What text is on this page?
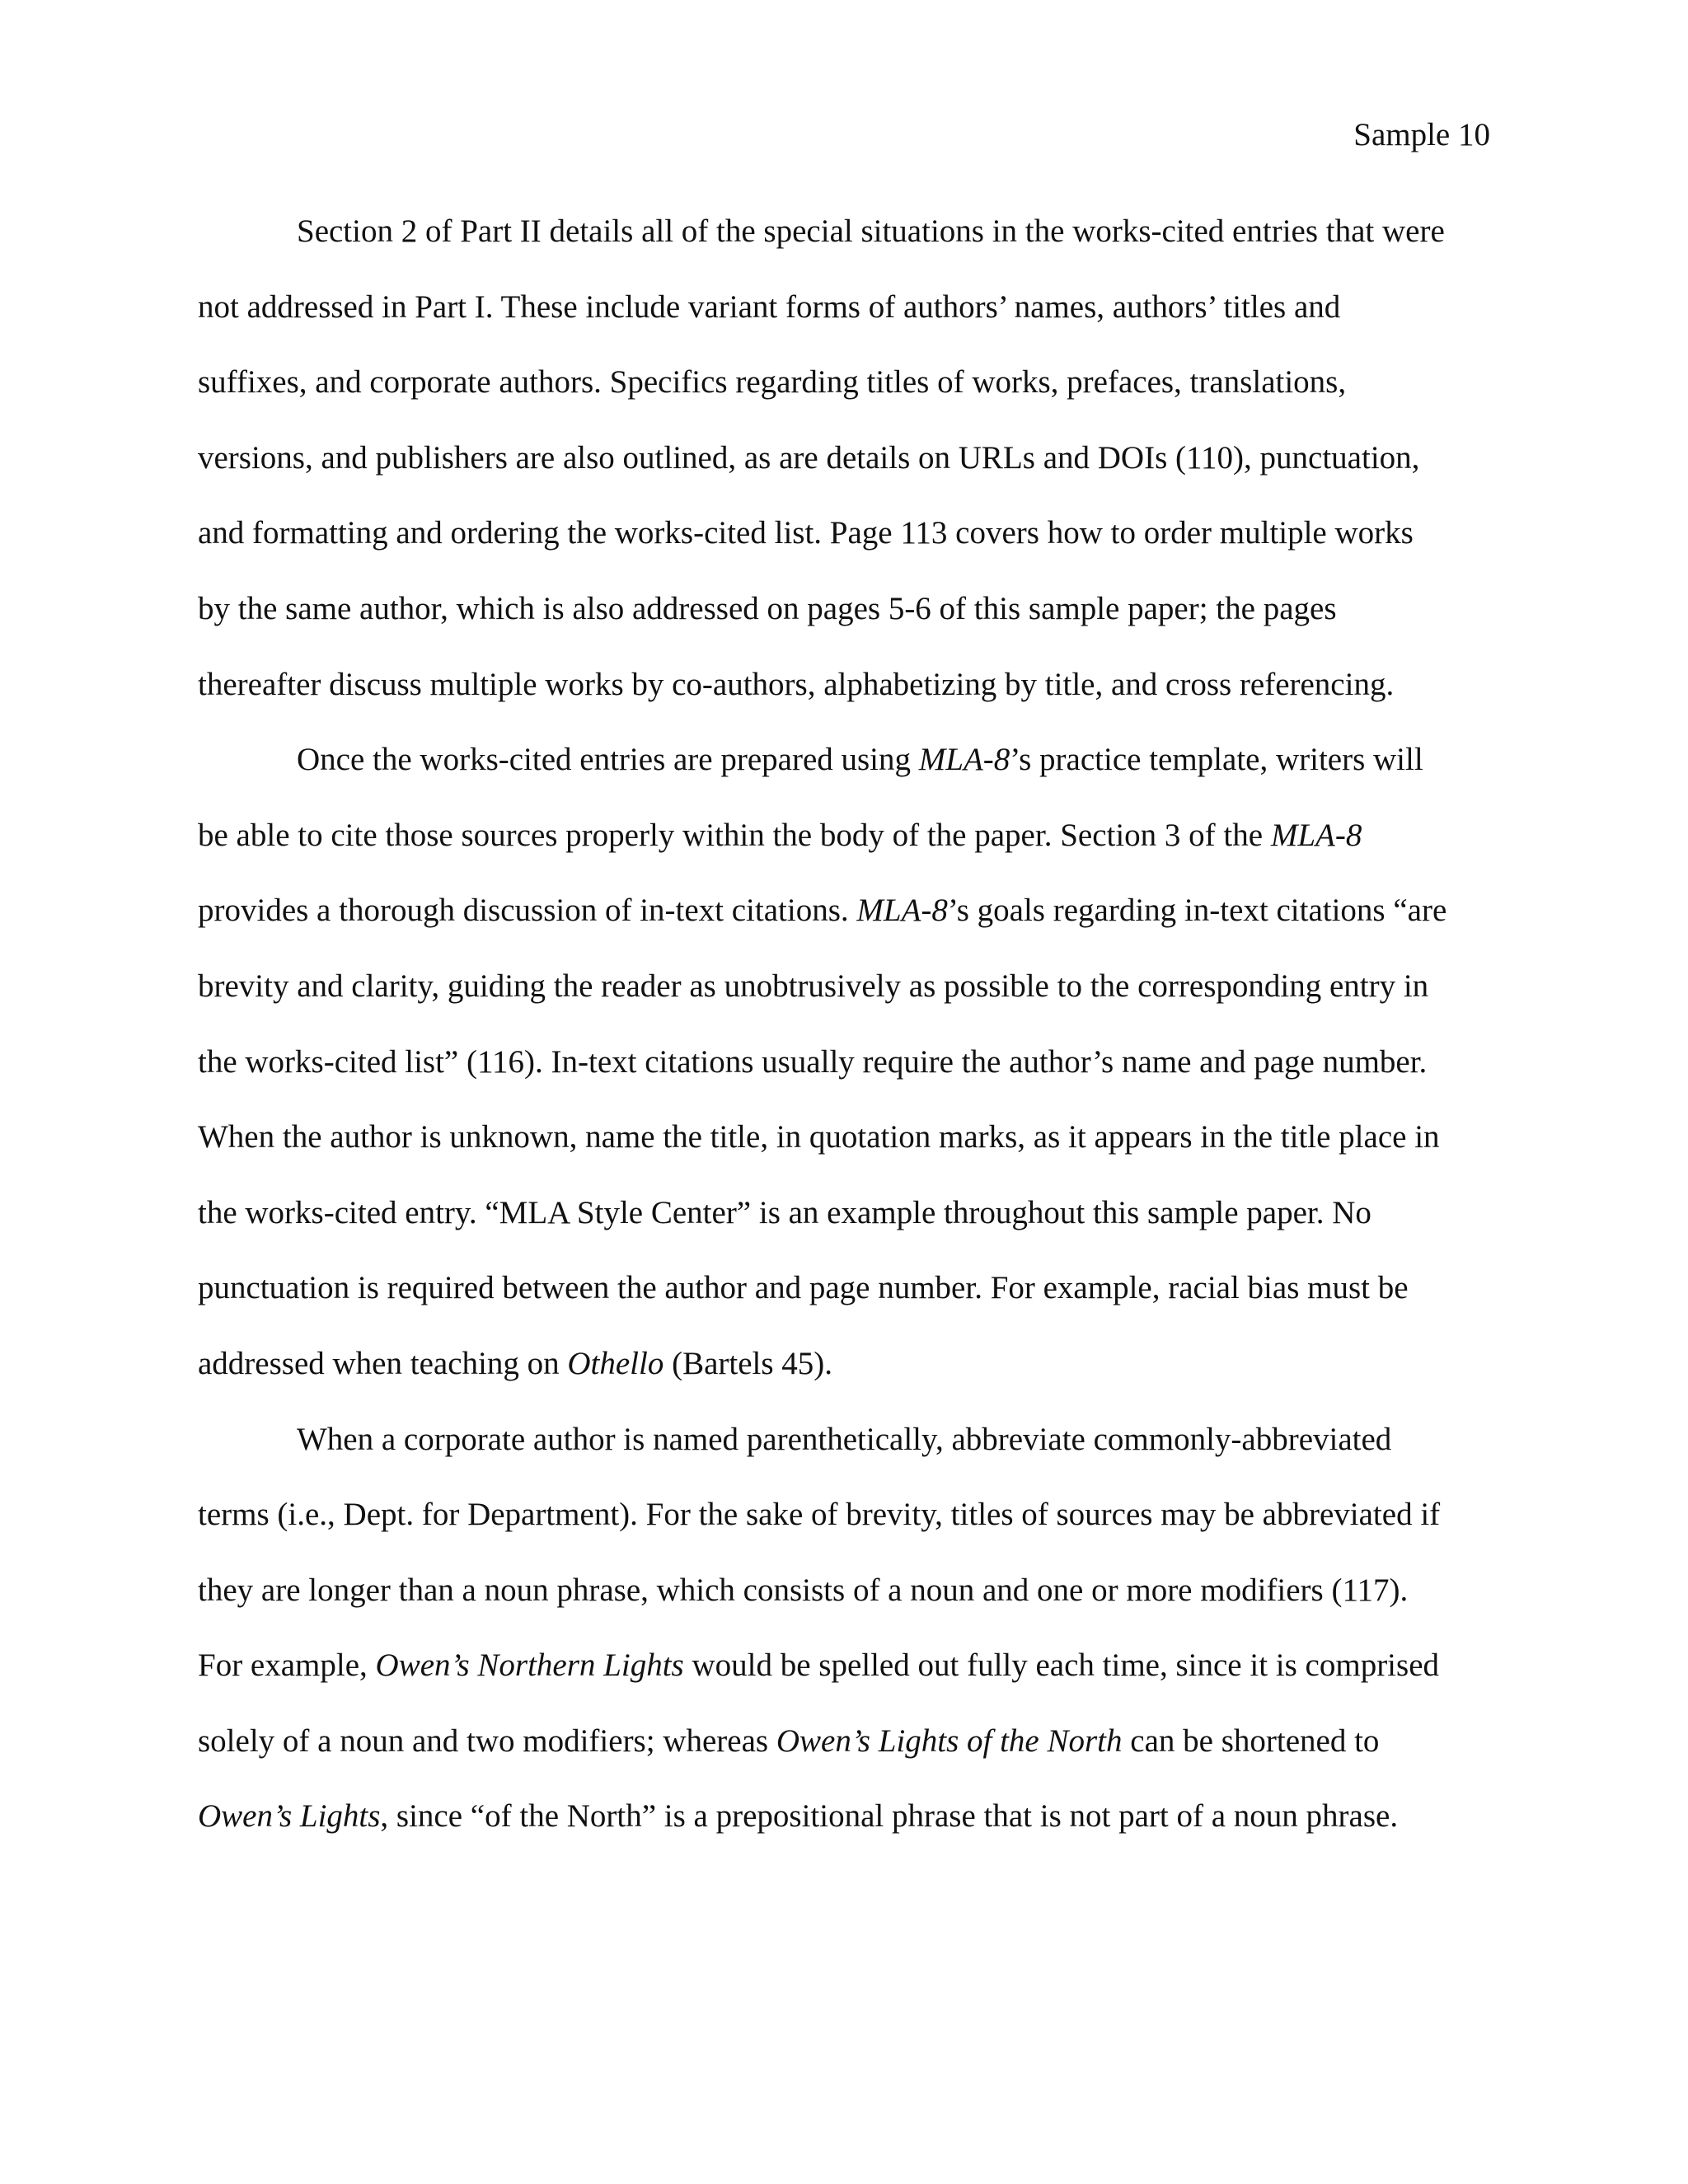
Sample 10

Section 2 of Part II details all of the special situations in the works-cited entries that were
not addressed in Part I. These include variant forms of authors’ names, authors’ titles and
suffixes, and corporate authors. Specifics regarding titles of works, prefaces, translations,
versions, and publishers are also outlined, as are details on URLs and DOIs (110), punctuation,
and formatting and ordering the works-cited list. Page 113 covers how to order multiple works
by the same author, which is also addressed on pages 5-6 of this sample paper; the pages
thereafter discuss multiple works by co-authors, alphabetizing by title, and cross referencing.

Once the works-cited entries are prepared using MLA-8’s practice template, writers will
be able to cite those sources properly within the body of the paper. Section 3 of the MLA-8
provides a thorough discussion of in-text citations. MLA-8’s goals regarding in-text citations “are
brevity and clarity, guiding the reader as unobtrusively as possible to the corresponding entry in
the works-cited list” (116). In-text citations usually require the author’s name and page number.
When the author is unknown, name the title, in quotation marks, as it appears in the title place in
the works-cited entry. “MLA Style Center” is an example throughout this sample paper. No
punctuation is required between the author and page number. For example, racial bias must be
addressed when teaching on Othello (Bartels 45).

When a corporate author is named parenthetically, abbreviate commonly-abbreviated
terms (i.e., Dept. for Department). For the sake of brevity, titles of sources may be abbreviated if
they are longer than a noun phrase, which consists of a noun and one or more modifiers (117).
For example, Owen’s Northern Lights would be spelled out fully each time, since it is comprised
solely of a noun and two modifiers; whereas Owen’s Lights of the North can be shortened to
Owen’s Lights, since “of the North” is a prepositional phrase that is not part of a noun phrase.
